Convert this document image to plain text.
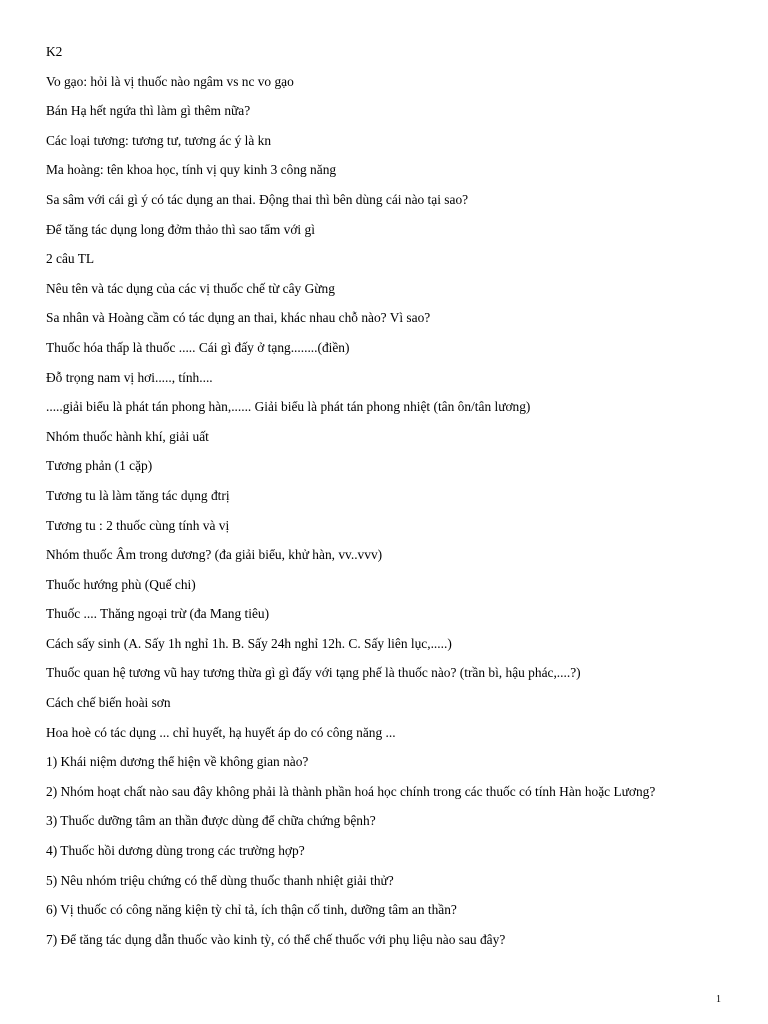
K2
Vo gạo: hỏi là vị thuốc nào ngâm vs nc vo gạo
Bán Hạ hết ngứa thì làm gì thêm nữa?
Các loại tương: tương tư, tương ác ý là kn
Ma hoàng: tên khoa học, tính vị quy kinh 3 công năng
Sa sâm với cái gì ý có tác dụng an thai. Động thai thì bên dùng cái nào tại sao?
Để tăng tác dụng long đởm thảo thì sao tẩm với gì
2 câu TL
Nêu tên và tác dụng của các vị thuốc chế từ cây Gừng
Sa nhân và Hoàng cầm có tác dụng an thai, khác nhau chỗ nào? Vì sao?
Thuốc hóa thấp là thuốc ..... Cái gì đấy ở tạng........(điền)
Đỗ trọng nam vị hơi....., tính....
.....giải biểu là phát tán phong hàn,...... Giải biểu là phát tán phong nhiệt (tân ôn/tân lương)
Nhóm thuốc hành khí, giải uất
Tương phản (1 cặp)
Tương tu là làm tăng tác dụng đtrị
Tương tu : 2 thuốc cùng tính và vị
Nhóm thuốc Âm trong dương? (đa giải biểu, khử hàn, vv..vvv)
Thuốc hướng phù (Quế chi)
Thuốc .... Thăng ngoại trừ (đa Mang tiêu)
Cách sấy sinh (A. Sấy 1h nghỉ 1h. B. Sấy 24h nghỉ 12h. C. Sấy liên lục,.....)
Thuốc quan hệ tương vũ hay tương thừa gì gì đấy với tạng phế là thuốc nào? (trần bì, hậu phác,....?)
Cách chế biến hoài sơn
Hoa hoè có tác dụng ... chỉ huyết, hạ huyết áp do có công năng ...
1) Khái niệm dương thể hiện về không gian nào?
2) Nhóm hoạt chất nào sau đây không phải là thành phần hoá học chính trong các thuốc có tính Hàn hoặc Lương?
3) Thuốc dưỡng tâm an thần được dùng để chữa chứng bệnh?
4) Thuốc hồi dương dùng trong các trường hợp?
5) Nêu nhóm triệu chứng có thể dùng thuốc thanh nhiệt giải thử?
6) Vị thuốc có công năng kiện tỳ chỉ tả, ích thận cố tinh, dưỡng tâm an thần?
7) Để tăng tác dụng dẫn thuốc vào kinh tỳ, có thể chế thuốc với phụ liệu nào sau đây?
1
